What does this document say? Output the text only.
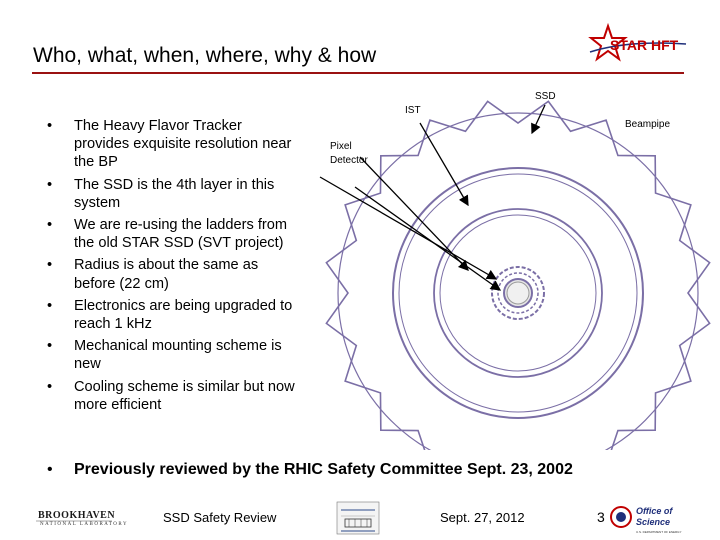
Who, what, when, where, why & how	STAR HFT
• The Heavy Flavor Tracker provides exquisite resolution near the BP
• The SSD is the 4th layer in this system
• We are re-using the ladders from the old STAR SSD (SVT project)
• Radius is about the same as before (22 cm)
• Electronics are being upgraded to reach 1 kHz
• Mechanical mounting scheme is new
• Cooling scheme is similar but now more efficient
• Previously reviewed by the RHIC Safety Committee Sept. 23, 2002
SSD
IST
Beampipe
Pixel
Detector
BROOKHAVEN
NATIONAL LABORATORY	SSD Safety Review	Sept. 27, 2012	3	Office of
Science
U.S. DEPARTMENT OF ENERGY
